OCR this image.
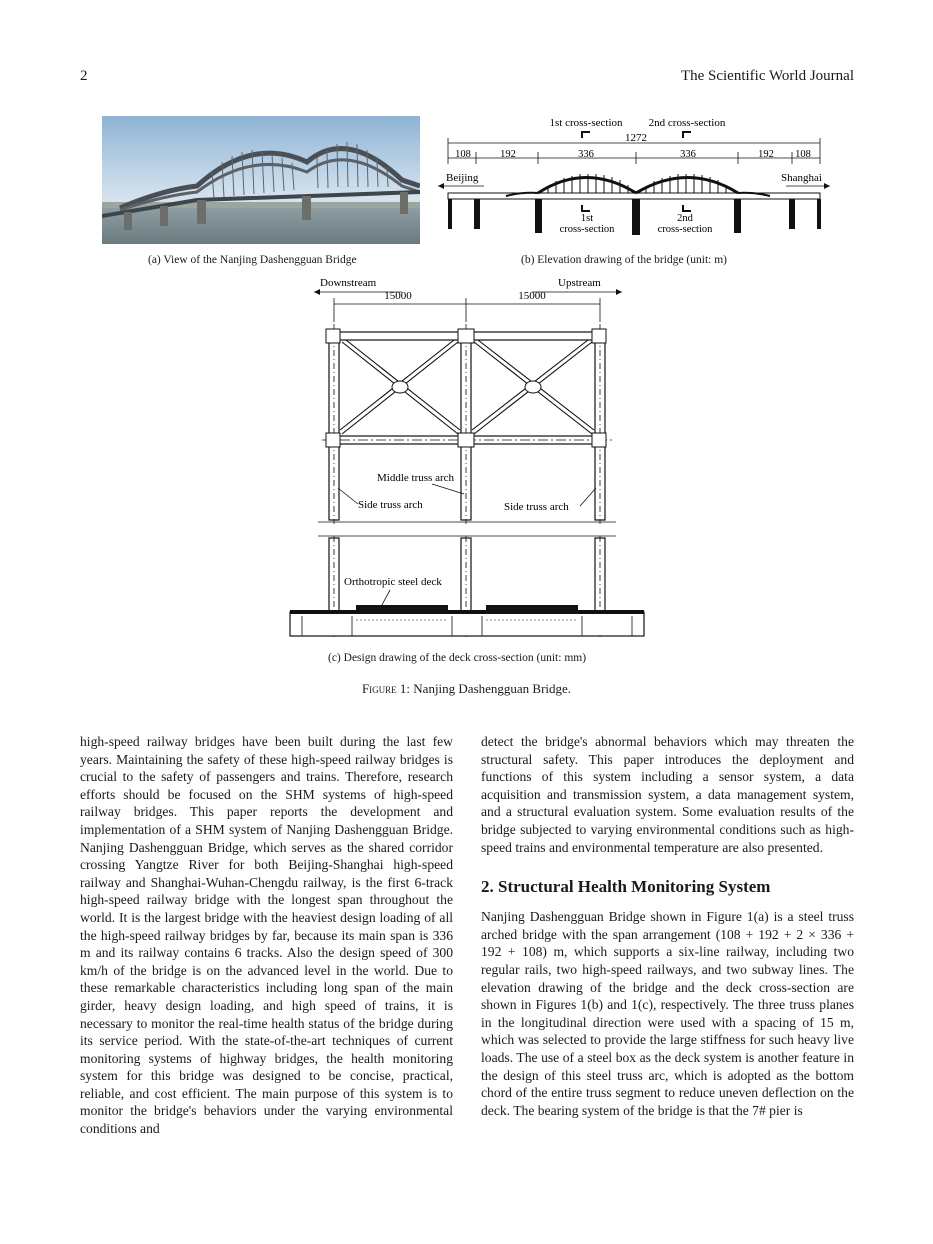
2	The Scientific World Journal
(a) View of the Nanjing Dashengguan Bridge
1st cross-section 2nd cross-section
1272
108	192	336	336	192 108
Beijing	Shanghai
1st
cross-section
2nd
cross-section
(b) Elevation drawing of the bridge (unit: m)
Downstream	Upstream
15000	15000
Middle truss arch
Side truss arch	Side truss arch
Orthotropic steel deck
(c) Design drawing of the deck cross-section (unit: mm)
Figure 1: Nanjing Dashengguan Bridge.

high-speed railway bridges have been built during the last few years. Maintaining the safety of these high-speed railway bridges is crucial to the safety of passengers and trains. Therefore, research efforts should be focused on the SHM systems of high-speed railway bridges. This paper reports the development and implementation of a SHM system of Nanjing Dashengguan Bridge. Nanjing Dashengguan Bridge, which serves as the shared corridor crossing Yangtze River for both Beijing-Shanghai high-speed railway and Shanghai-Wuhan-Chengdu railway, is the first 6-track high-speed railway bridge with the longest span throughout the world. It is the largest bridge with the heaviest design loading of all the high-speed railway bridges by far, because its main span is 336 m and its railway contains 6 tracks. Also the design speed of 300 km/h of the bridge is on the advanced level in the world. Due to these remarkable characteristics including long span of the main girder, heavy design loading, and high speed of trains, it is necessary to monitor the real-time health status of the bridge during its service period. With the state-of-the-art techniques of current monitoring systems of highway bridges, the health monitoring system for this bridge was designed to be concise, practical, reliable, and cost efficient. The main purpose of this system is to monitor the bridge's behaviors under the varying environmental conditions and

detect the bridge's abnormal behaviors which may threaten the structural safety. This paper introduces the deployment and functions of this system including a sensor system, a data acquisition and transmission system, a data management system, and a structural evaluation system. Some evaluation results of the bridge subjected to varying environmental conditions such as high-speed trains and environmental temperature are also presented.

2. Structural Health Monitoring System

Nanjing Dashengguan Bridge shown in Figure 1(a) is a steel truss arched bridge with the span arrangement (108 + 192 + 2 × 336 + 192 + 108) m, which supports a six-line railway, including two regular rails, two high-speed railways, and two subway lines. The elevation drawing of the bridge and the deck cross-section are shown in Figures 1(b) and 1(c), respectively. The three truss planes in the longitudinal direction were used with a spacing of 15 m, which was selected to provide the large stiffness for such heavy live loads. The use of a steel box as the deck system is another feature in the design of this steel truss arc, which is adopted as the bottom chord of the entire truss segment to reduce uneven deflection on the deck. The bearing system of the bridge is that the 7# pier is
